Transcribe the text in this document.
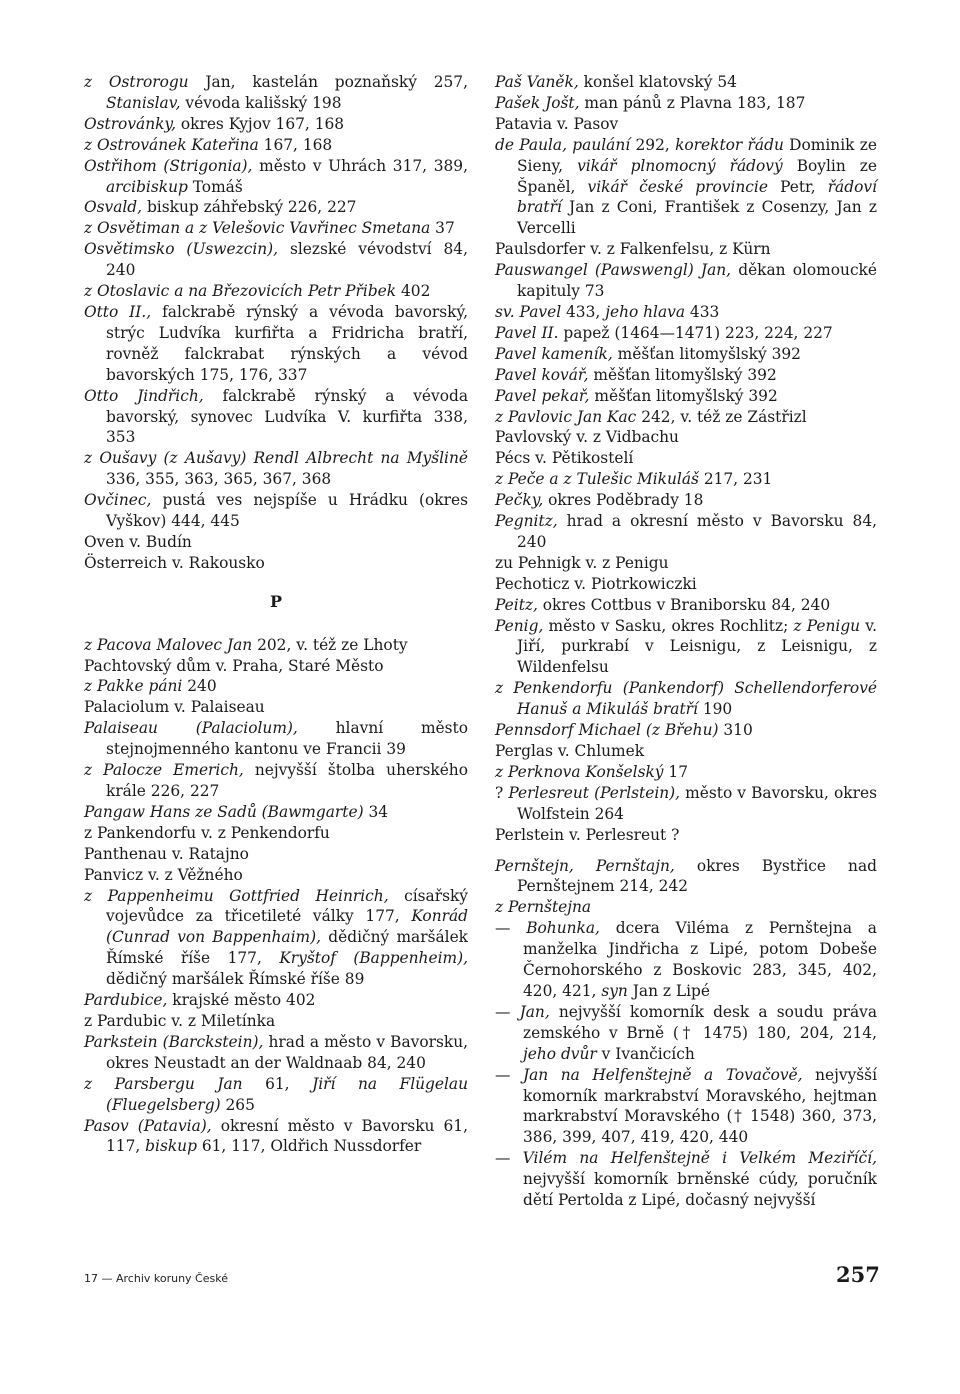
z Ostrorogu Jan, kastelán poznaňský 257, Stanislav, vévoda kališský 198

Ostrovánky, okres Kyjov 167, 168

z Ostrovánek Kateřina 167, 168

Ostřihom (Strigonia), město v Uhrách 317, 389, arcibiskup Tomáš

Osvald, biskup záhřebský 226, 227

z Osvětiman a z Velešovic Vavřinec Smetana 37

Osvětimsko (Uswezcin), slezské vévodství 84, 240

z Otoslavic a na Březovicích Petr Přibek 402

Otto II., falckrabě rýnský a vévoda bavorský, strýc Ludvíka kurfiřta a Fridricha bratří, rovněž falckrabat rýnských a vévod bavorských 175, 176, 337

Otto Jindřich, falckrabě rýnský a vévoda bavorský, synovec Ludvíka V. kurfiřta 338, 353

z Oušavy (z Aušavy) Rendl Albrecht na Myšlině 336, 355, 363, 365, 367, 368

Ovčinec, pustá ves nejspíše u Hrádku (okres Vyškov) 444, 445

Oven v. Budín

Österreich v. Rakousko

P

z Pacova Malovec Jan 202, v. též ze Lhoty

Pachtovský dům v. Praha, Staré Město

z Pakke páni 240

Palaciolum v. Palaiseau

Palaiseau (Palaciolum), hlavní město stejnojmenného kantonu ve Francii 39

z Palocze Emerich, nejvyšší štolba uherského krále 226, 227

Pangaw Hans ze Sadů (Bawmgarte) 34

z Pankendorfu v. z Penkendorfu

Panthenau v. Ratajno

Panvicz v. z Věžného

z Pappenheimu Gottfried Heinrich, císařský vojevůdce za třicetileté války 177, Konrád (Cunrad von Bappenhaim), dědičný maršálek Římské říše 177, Kryštof (Bappenheim), dědičný maršálek Římské říše 89

Pardubice, krajské město 402

z Pardubic v. z Miletínka

Parkstein (Barckstein), hrad a město v Bavorsku, okres Neustadt an der Waldnaab 84, 240

z Parsbergu Jan 61, Jiří na Flügelau (Fluegelsberg) 265

Pasov (Patavia), okresní město v Bavorsku 61, 117, biskup 61, 117, Oldřich Nussdorfer

Paš Vaněk, konšel klatovský 54

Pašek Jošt, man pánů z Plavna 183, 187

Patavia v. Pasov

de Paula, paulání 292, korektor řádu Dominik ze Sieny, vikář plnomocný řádový Boylin ze Španěl, vikář české provincie Petr, řádoví bratří Jan z Coni, František z Cosenzy, Jan z Vercelli

Paulsdorfer v. z Falkenfelsu, z Kürn

Pauswangel (Pawswengl) Jan, děkan olomoucké kapituly 73

sv. Pavel 433, jeho hlava 433

Pavel II. papež (1464—1471) 223, 224, 227

Pavel kameník, měšťan litomyšlský 392

Pavel kovář, měšťan litomyšlský 392

Pavel pekař, měšťan litomyšlský 392

z Pavlovic Jan Kac 242, v. též ze Zástřizl

Pavlovský v. z Vidbachu

Pécs v. Pětikostelí

z Peče a z Tulešic Mikuláš 217, 231

Pečky, okres Poděbrady 18

Pegnitz, hrad a okresní město v Bavorsku 84, 240

zu Pehnigk v. z Penigu

Pechoticz v. Piotrkowiczki

Peitz, okres Cottbus v Braniborsku 84, 240

Penig, město v Sasku, okres Rochlitz; z Penigu v. Jiří, purkrabí v Leisnigu, z Leisnigu, z Wildenfelsu

z Penkendorfu (Pankendorf) Schellendorferové Hanuš a Mikuláš bratří 190

Pennsdorf Michael (z Břehu) 310

Perglas v. Chlumek

z Perknova Konšelský 17

? Perlesreut (Perlstein), město v Bavorsku, okres Wolfstein 264

Perlstein v. Perlesreut ?

Pernštejn, Pernštajn, okres Bystřice nad Pernštejnem 214, 242

z Pernštejna

— Bohunka, dcera Viléma z Pernštejna a manželka Jindřicha z Lipé, potom Dobeše Černohorského z Boskovic 283, 345, 402, 420, 421, syn Jan z Lipé

— Jan, nejvyšší komorník desk a soudu práva zemského v Brně († 1475) 180, 204, 214, jeho dvůr v Ivančicích

— Jan na Helfenštejně a Tovačově, nejvyšší komorník markrabství Moravského, hejtman markrabství Moravského († 1548) 360, 373, 386, 399, 407, 419, 420, 440

— Vilém na Helfenštejně i Velkém Meziříčí, nejvyšší komorník brněnské cúdy, poručník dětí Pertolda z Lipé, dočasný nejvyšší

17 — Archiv koruny České	257
